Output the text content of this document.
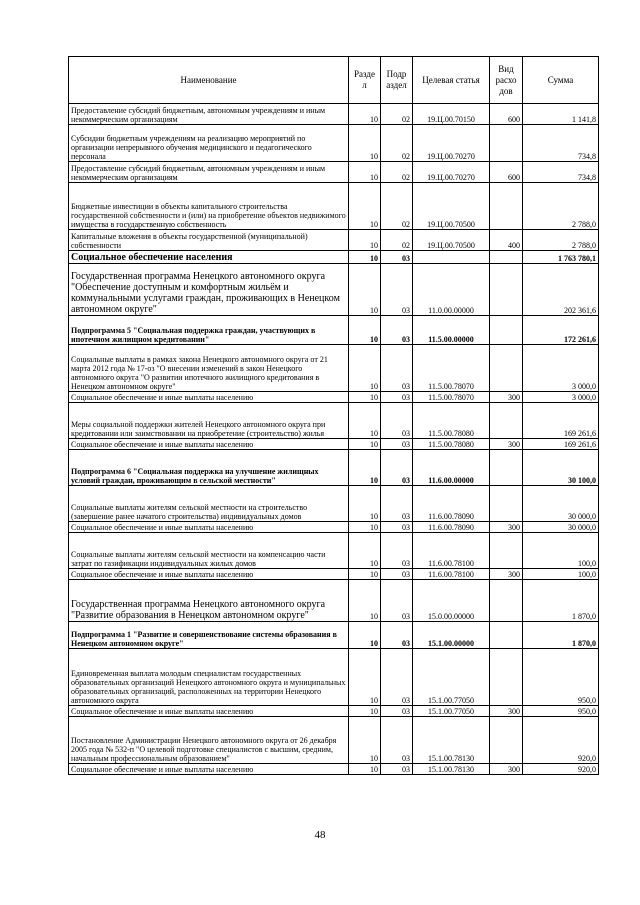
Наименование	Разде л	Подр аздел	Целевая статья	Вид расхо дов	Сумма
Предоставление субсидий бюджетным, автономным учреждениям и иным некоммерческим организациям	10	02	19.Ц.00.70150	600	1 141,8
Субсидии бюджетным учреждениям на реализацию мероприятий по организации непрерывного обучения медицинского и педагогического персонала	10	02	19.Ц.00.70270		734,8
Предоставление субсидий бюджетным, автономным учреждениям и иным некоммерческим организациям	10	02	19.Ц.00.70270	600	734,8
Бюджетные инвестиции в объекты капитального строительства государственной собственности и (или) на приобретение объектов недвижимого имущества в государственную собственность	10	02	19.Ц.00.70500		2 788,0
Капитальные вложения в объекты государственной (муниципальной) собственности	10	02	19.Ц.00.70500	400	2 788,0
Социальное обеспечение населения	10	03			1 763 780,1
Государственная программа Ненецкого автономного округа "Обеспечение доступным и комфортным жильём и коммунальными услугами граждан, проживающих в Ненецком автономном округе"	10	03	11.0.00.00000		202 361,6
Подпрограмма 5 "Социальная поддержка граждан, участвующих в ипотечном жилищном кредитовании"	10	03	11.5.00.00000		172 261,6
Социальные выплаты в рамках закона Ненецкого автономного округа от 21 марта 2012 года № 17-оз "О внесении изменений в закон Ненецкого автономного округа "О развитии ипотечного жилищного кредитования в Ненецком автономном округе"	10	03	11.5.00.78070		3 000,0
Социальное обеспечение и иные выплаты населению	10	03	11.5.00.78070	300	3 000,0
Меры социальной поддержки жителей Ненецкого автономного округа при кредитовании или заимствовании на приобретение (строительство) жилья	10	03	11.5.00.78080		169 261,6
Социальное обеспечение и иные выплаты населению	10	03	11.5.00.78080	300	169 261,6
Подпрограмма 6 "Социальная поддержка на улучшение жилищных условий граждан, проживающим в сельской местности"	10	03	11.6.00.00000		30 100,0
Социальные выплаты жителям сельской местности на строительство (завершение ранее начатого строительства) индивидуальных домов	10	03	11.6.00.78090		30 000,0
Социальное обеспечение и иные выплаты населению	10	03	11.6.00.78090	300	30 000,0
Социальные выплаты жителям сельской местности на компенсацию части затрат по газификации индивидуальных жилых домов	10	03	11.6.00.78100		100,0
Социальное обеспечение и иные выплаты населению	10	03	11.6.00.78100	300	100,0
Государственная программа Ненецкого автономного округа "Развитие образования в Ненецком автономном округе"	10	03	15.0.00.00000		1 870,0
Подпрограмма 1 "Развитие и совершенствование системы образования в Ненецком автономном округе"	10	03	15.1.00.00000		1 870,0
Единовременная выплата молодым специалистам государственных образовательных организаций Ненецкого автономного округа и муниципальных образовательных организаций, расположенных на территории Ненецкого автономного округа	10	03	15.1.00.77050		950,0
Социальное обеспечение и иные выплаты населению	10	03	15.1.00.77050	300	950,0
Постановление Администрации Ненецкого автономного округа от 26 декабря 2005 года № 532-п "О целевой подготовке специалистов с высшим, средним, начальным профессиональным образованием"	10	03	15.1.00.78130		920,0
Социальное обеспечение и иные выплаты населению	10	03	15.1.00.78130	300	920,0
48
